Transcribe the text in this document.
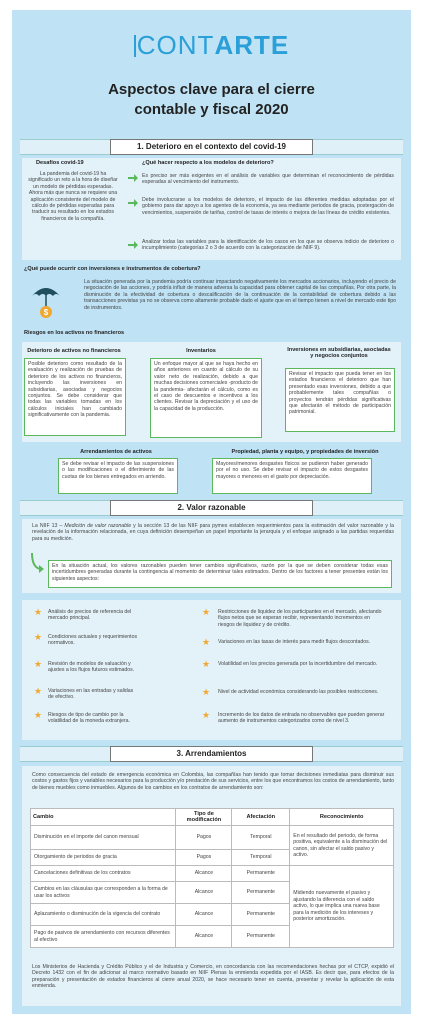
CONTARTE
Aspectos clave para el cierre
contable y fiscal 2020
1. Deterioro en el contexto del covid-19
Desafíos covid-19
La pandemia del covid-19 ha significado un reto a la hora de diseñar un modelo de pérdidas esperadas. Ahora más que nunca se requiere una aplicación consistente del modelo de cálculo de pérdidas esperadas para traducir su resultado en los estados financieros de la compañía.
¿Qué hacer respecto a los modelos de deterioro?
Es preciso ser más exigentes en el análisis de variables que determinan el reconocimiento de pérdidas esperadas al vencimiento del instrumento.
Debe involucrarse a los modelos de deterioro, el impacto de las diferentes medidas adoptadas por el gobierno para dar apoyo a los agentes de la economía, ya sea mediante periodos de gracia, postergación de vencimientos, suspensión de tarifas, control de tasas de interés o mejora de las líneas de crédito existentes.
Analizar todas las variables para la identificación de los casos en los que se observa indicio de deterioro o incumplimiento (categorías 2 o 3 de acuerdo con la categorización de NIIF 9).
¿Qué puede ocurrir con inversiones e instrumentos de cobertura?
$
La situación generada por la pandemia podría continuar impactando negativamente los mercados accionarios, incluyendo el precio de negociación de las acciones, y podría influir de manera adversa la capacidad para obtener capital de las compañías. Por otra parte, la disminución de la efectividad de cobertura o descalificación de la continuación de la contabilidad de cobertura debido a las transacciones previstas ya no se observa como altamente probable dado el ajuste que en el tiempo tienen a nivel de mercado este tipo de instrumentos.
Riesgos en los activos no financieros
Deterioro de activos no financieros
Posible deterioro como resultado de la evaluación y realización de pruebas de deterioro de los activos no financieros, incluyendo las inversiones en subsidiarias, asociadas y negocios conjuntos. Se debe considerar que todas las variables tomadas en los cálculos iniciales han cambiado significativamente con la pandemia.
Inventarios
Un enfoque mayor al que se haya hecho en años anteriores en cuanto al cálculo de su valor neto de realización, debido a que muchas decisiones comerciales -producto de la pandemia- afectarán el cálculo, como es el caso de descuentos e incentivos a los clientes. Revisar la depreciación y el uso de la capacidad de la producción.
Inversiones en subsidiarias, asociadas y negocios conjuntos
Revisar el impacto que pueda tener en los estados financieros el deterioro que han presentado esas inversiones, debido a que probablemente tales compañías o proyectos tendrán pérdidas significativas que afectarán el método de participación patrimonial.
Arrendamientos de activos
Se debe revisar el impacto de las suspensiones o las modificaciones o el diferimiento de las cuotas de los bienes entregados en arriendo.
Propiedad, planta y equipo, y propiedades de inversión
Mayores/menores desgastes físicos se pudieron haber generado por el no uso. Se debe revisar el impacto de estos desgastes mayores o menores en el gasto por depreciación.
2. Valor razonable
La NIIF 13 – Medición de valor razonable y la sección 13 de las NIIF para pymes establecen requerimientos para la estimación del valor razonable y la revelación de la información relacionada, en cuya definición desempeñan un papel importante la jerarquía y el enfoque asignado a las partidas requeridas para su medición.
En la situación actual, los valores razonables pueden tener cambios significativos, razón por la que se deben considerar todas esas incertidumbres generadas durante la contingencia al momento de determinar tales estimados. Dentro de los factores a tener presentes están los siguientes aspectos:
★ Análisis de precios de referencia del mercado principal.
★ Condiciones actuales y requerimientos normativos.
★ Revisión de modelos de valuación y ajustes a los flujos futuros estimados.
★ Variaciones en las entradas y salidas de efectivo.
★ Riesgos de tipo de cambio por la volatilidad de la moneda extranjera.
★ Restricciones de liquidez de los participantes en el mercado, afectando flujos netos que se esperan recibir, representando incrementos en riesgos de liquidez y de crédito.
★ Variaciones en las tasas de interés para medir flujos descontados.
★ Volatilidad en los precios generada por la incertidumbre del mercado.
★ Nivel de actividad económica considerando las posibles restricciones.
★ Incremento de los datos de entrada no observables que pueden generar aumento de instrumentos categorizados como de nivel 3.
3. Arrendamientos
Como consecuencia del estado de emergencia económica en Colombia, las compañías han tenido que tomar decisiones inmediatas para disminuir sus costos y gastos fijos y variables necesarios para la producción y/o prestación de sus servicios, entre los que encontramos los costos de arrendamiento, tanto de bienes muebles como inmuebles. Algunos de los cambios en los contratos de arrendamiento son:
Cambio	Tipo de modificación	Afectación	Reconocimiento
Disminución en el importe del canon mensual	Pagos	Temporal	En el resultado del periodo, de forma positiva, equivalente a la disminución del canon, sin afectar el saldo pasivo y activo.
Otorgamiento de periodos de gracia	Pagos	Temporal	
Cancelaciones definitivas de los contratos	Alcance	Permanente	Midiendo nuevamente el pasivo y ajustando la diferencia con el saldo activo, lo que implica una nueva base para la medición de los intereses y posterior amortización.
Cambios en las cláusulas que corresponden a la forma de usar los activos	Alcance	Permanente	
Aplazamiento o disminución de la vigencia del contrato	Alcance	Permanente	
Pago de pasivos de arrendamiento con recursos diferentes al efectivo	Alcance	Permanente	
Los Ministerios de Hacienda y Crédito Público y el de Industria y Comercio, en concordancia con las recomendaciones hechas por el CTCP, expidió el Decreto 1432 con el fin de adicionar al marco normativo basado en NIIF Plenas la enmienda expedida por el IASB. Es decir que, para efectos de la preparación y presentación de estados financieros al cierre anual 2020, se hace necesario tener en cuenta, presentar y revelar la aplicación de esta enmienda.
